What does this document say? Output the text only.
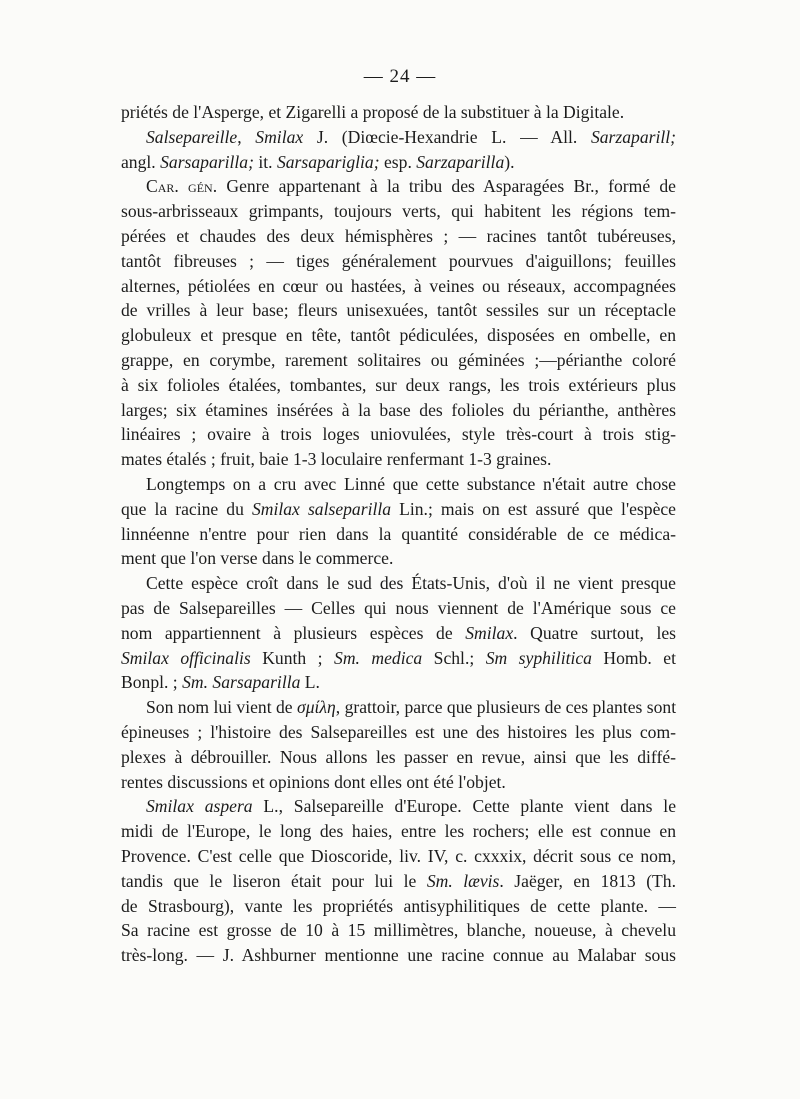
— 24 —
priétés de l'Asperge, et Zigarelli a proposé de la substituer à la Digitale.
Salsepareille, Smilax J. (Diœcie-Hexandrie L. — All. Sarzaparill;
angl. Sarsaparilla; it. Sarsapariglia; esp. Sarzaparilla).
Car. gén. Genre appartenant à la tribu des Asparagées Br., formé de
sous-arbrisseaux grimpants, toujours verts, qui habitent les régions tem-
pérées et chaudes des deux hémisphères ; — racines tantôt tubéreuses,
tantôt fibreuses ; — tiges généralement pourvues d'aiguillons; feuilles
alternes, pétiolées en cœur ou hastées, à veines ou réseaux, accompagnées
de vrilles à leur base; fleurs unisexuées, tantôt sessiles sur un réceptacle
globuleux et presque en tête, tantôt pédiculées, disposées en ombelle, en
grappe, en corymbe, rarement solitaires ou géminées ;—périanthe coloré
à six folioles étalées, tombantes, sur deux rangs, les trois extérieurs plus
larges; six étamines insérées à la base des folioles du périanthe, anthères
linéaires ; ovaire à trois loges uniovulées, style très-court à trois stig-
mates étalés ; fruit, baie 1-3 loculaire renfermant 1-3 graines.
Longtemps on a cru avec Linné que cette substance n'était autre chose
que la racine du Smilax salseparilla Lin.; mais on est assuré que l'espèce
linnéenne n'entre pour rien dans la quantité considérable de ce médica-
ment que l'on verse dans le commerce.
Cette espèce croît dans le sud des États-Unis, d'où il ne vient presque
pas de Salsepareilles — Celles qui nous viennent de l'Amérique sous ce
nom appartiennent à plusieurs espèces de Smilax. Quatre surtout, les
Smilax officinalis Kunth ; Sm. medica Schl.; Sm syphilitica Homb. et
Bonpl. ; Sm. Sarsaparilla L.
Son nom lui vient de σμίλη, grattoir, parce que plusieurs de ces plantes sont
épineuses ; l'histoire des Salsepareilles est une des histoires les plus com-
plexes à débrouiller. Nous allons les passer en revue, ainsi que les diffé-
rentes discussions et opinions dont elles ont été l'objet.
Smilax aspera L., Salsepareille d'Europe. Cette plante vient dans le
midi de l'Europe, le long des haies, entre les rochers; elle est connue en
Provence. C'est celle que Dioscoride, liv. IV, c. cxxxix, décrit sous ce nom,
tandis que le liseron était pour lui le Sm. lævis. Jaëger, en 1813 (Th.
de Strasbourg), vante les propriétés antisyphilitiques de cette plante. —
Sa racine est grosse de 10 à 15 millimètres, blanche, noueuse, à chevelu
très-long. — J. Ashburner mentionne une racine connue au Malabar sous
